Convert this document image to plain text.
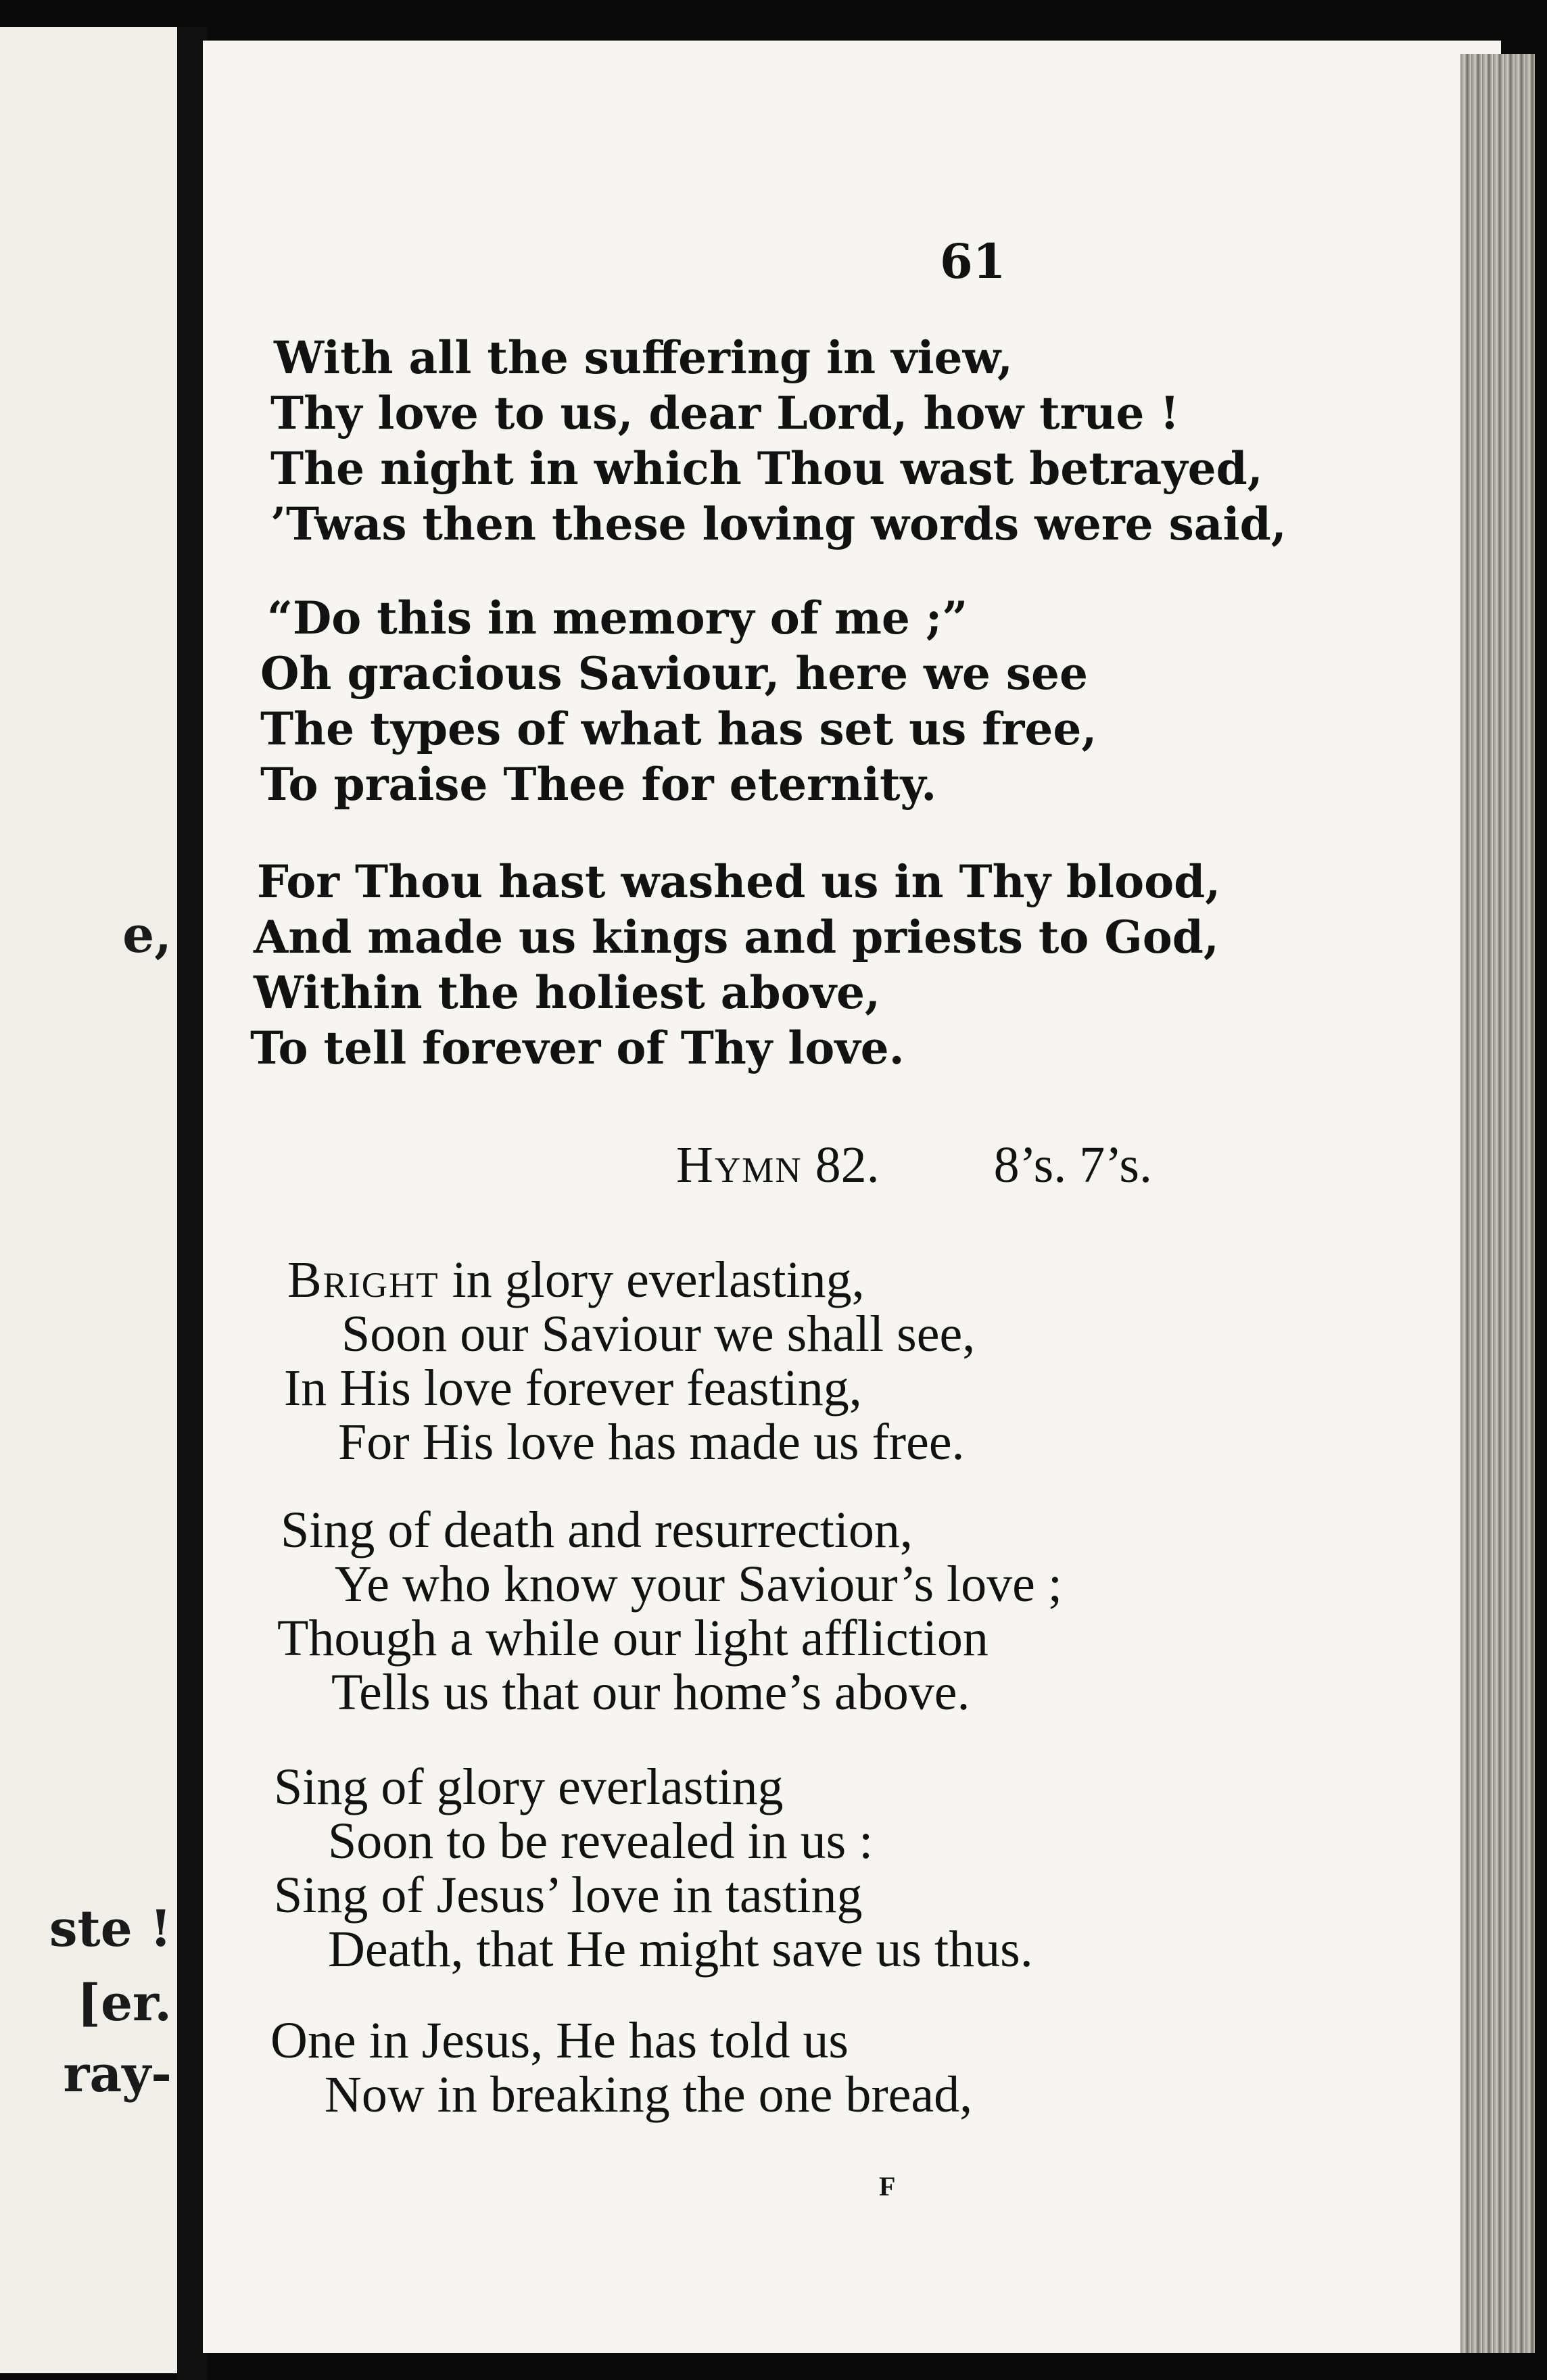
e,
ste !
[er.
ray-
61
With all the suffering in view,
Thy love to us, dear Lord, how true !
The night in which Thou wast betrayed,
’Twas then these loving words were said,
“Do this in memory of me ;”
Oh gracious Saviour, here we see
The types of what has set us free,
To praise Thee for eternity.
For Thou hast washed us in Thy blood,
And made us kings and priests to God,
Within the holiest above,
To tell forever of Thy love.
Hymn 82. 8’s. 7’s.
Bright in glory everlasting,
Soon our Saviour we shall see,
In His love forever feasting,
For His love has made us free.
Sing of death and resurrection,
Ye who know your Saviour’s love ;
Though a while our light affliction
Tells us that our home’s above.
Sing of glory everlasting
Soon to be revealed in us :
Sing of Jesus’ love in tasting
Death, that He might save us thus.
One in Jesus, He has told us
Now in breaking the one bread,
F
